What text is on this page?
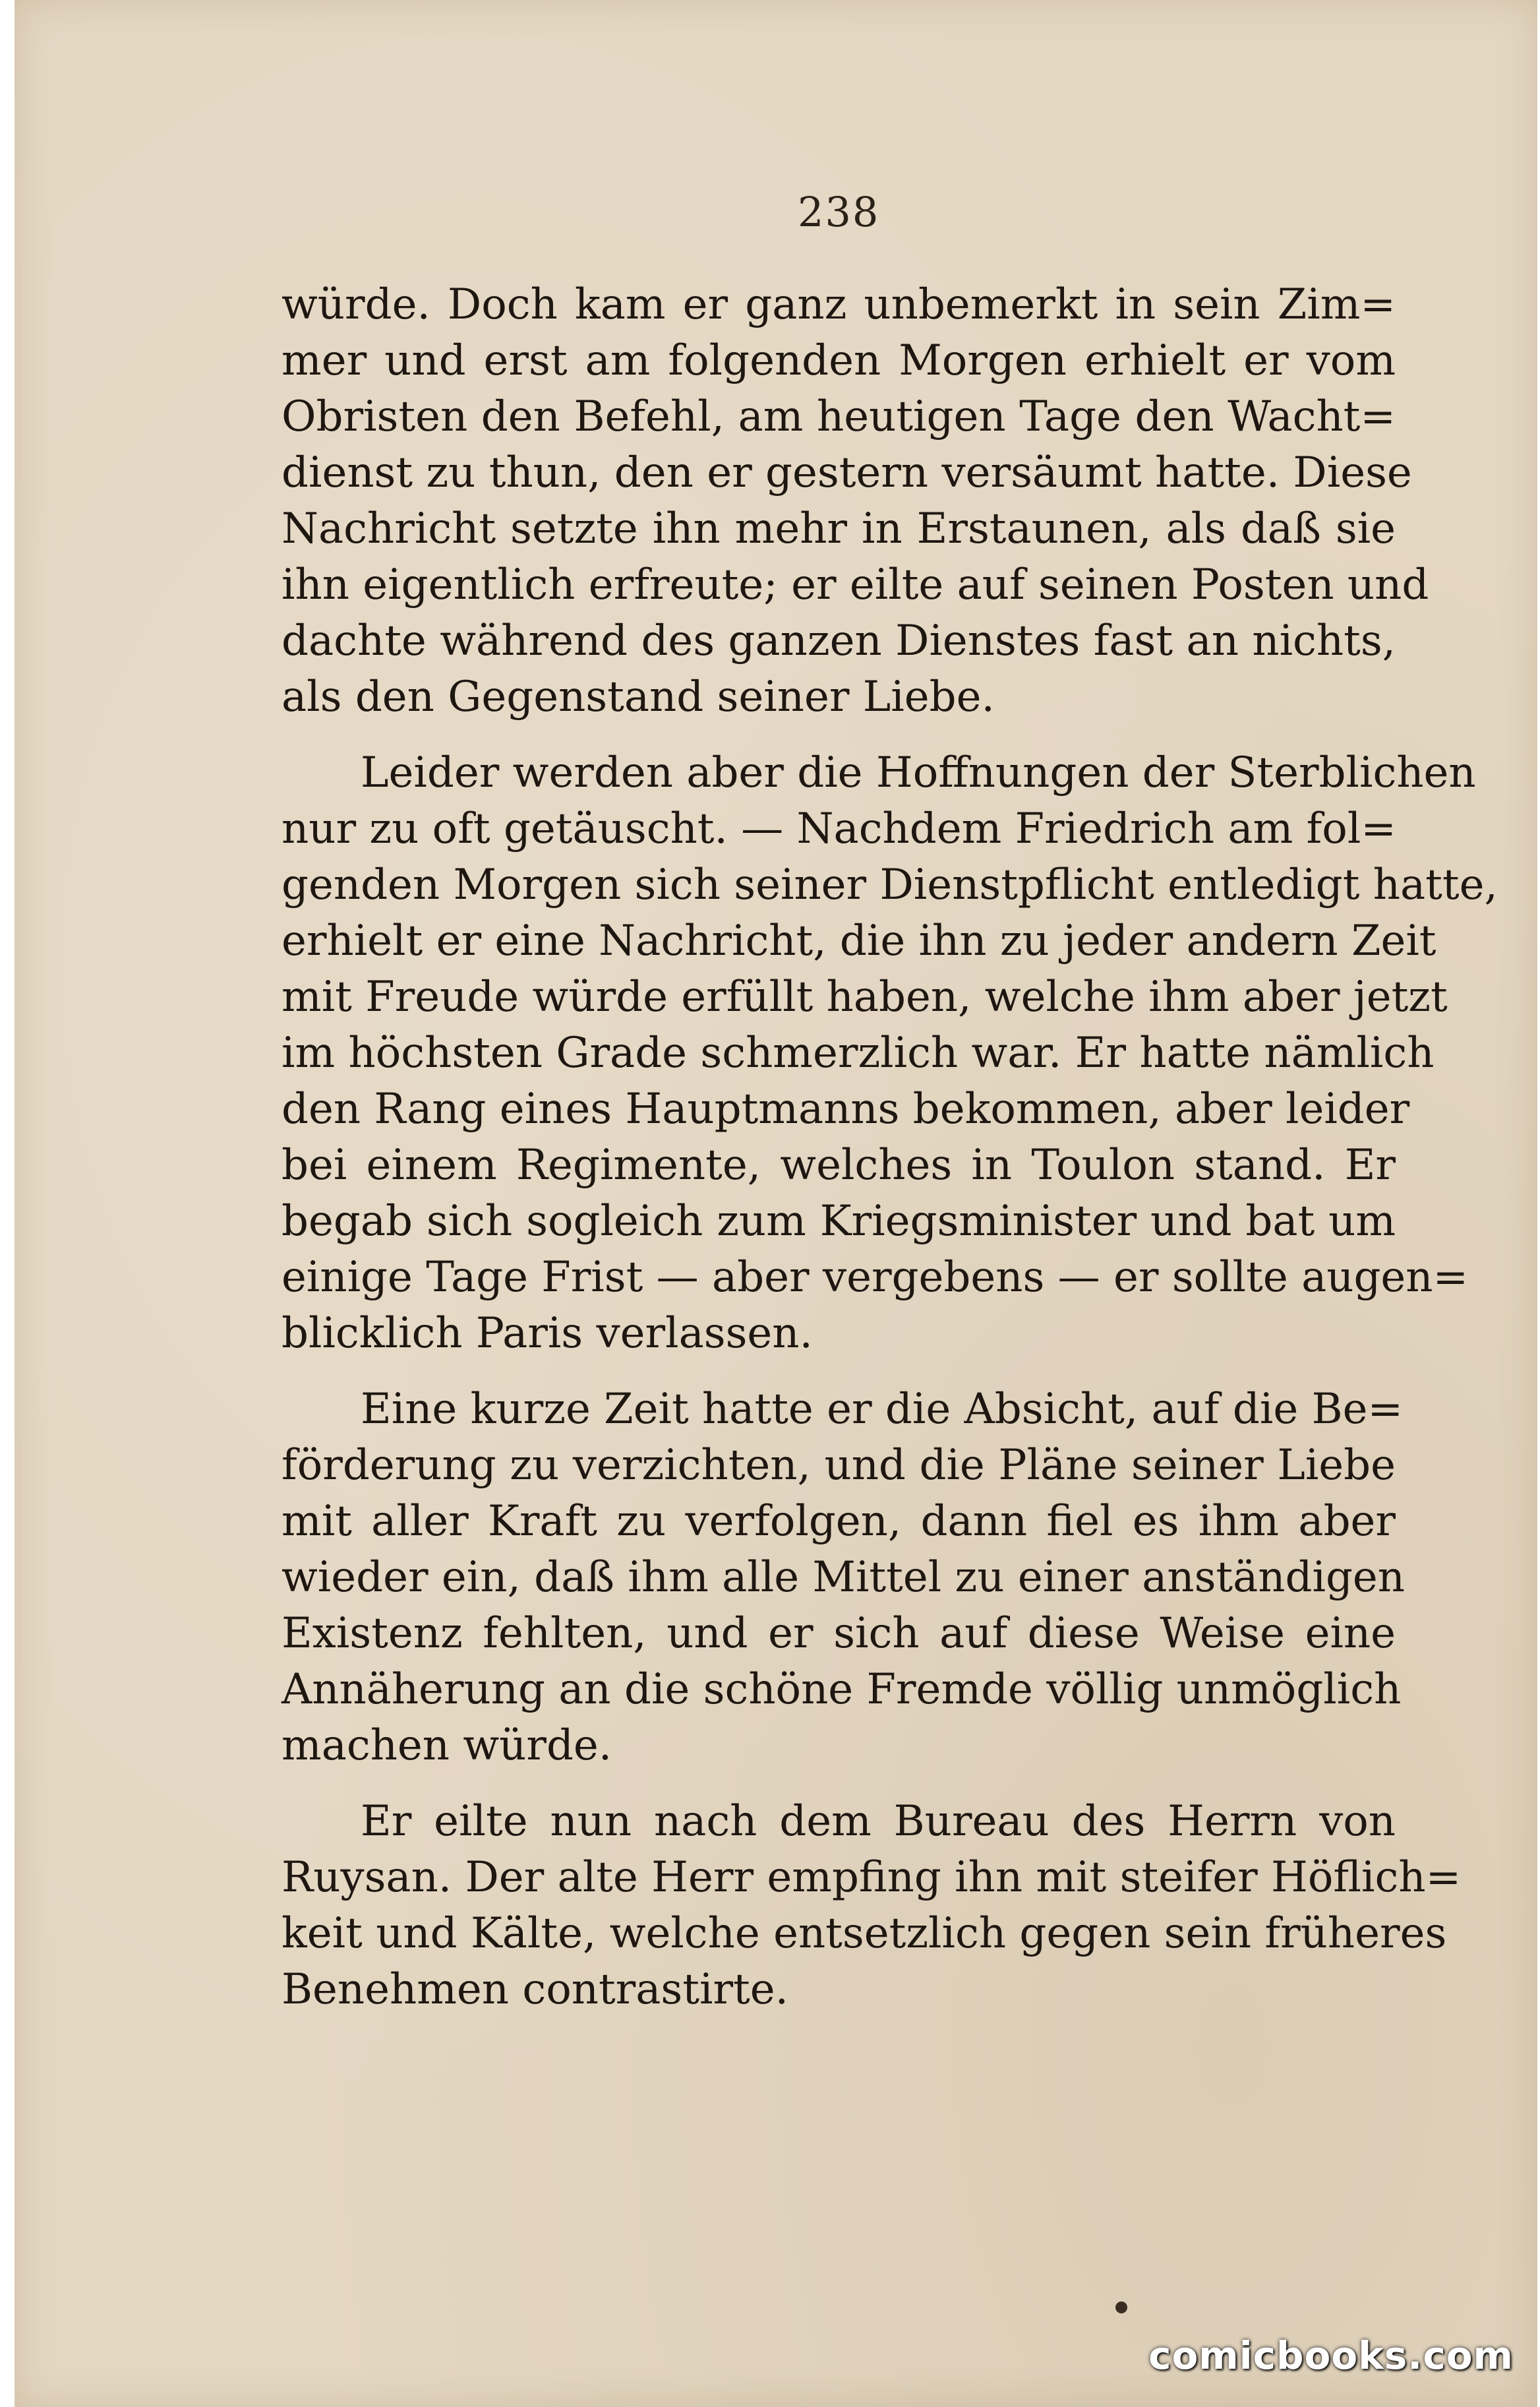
238
würde. Doch kam er ganz unbemerkt in sein Zim=
mer und erst am folgenden Morgen erhielt er vom
Obristen den Befehl, am heutigen Tage den Wacht=
dienst zu thun, den er gestern versäumt hatte. Diese
Nachricht setzte ihn mehr in Erstaunen, als daß sie
ihn eigentlich erfreute; er eilte auf seinen Posten und
dachte während des ganzen Dienstes fast an nichts,
als den Gegenstand seiner Liebe.
Leider werden aber die Hoffnungen der Sterblichen
nur zu oft getäuscht. — Nachdem Friedrich am fol=
genden Morgen sich seiner Dienstpflicht entledigt hatte,
erhielt er eine Nachricht, die ihn zu jeder andern Zeit
mit Freude würde erfüllt haben, welche ihm aber jetzt
im höchsten Grade schmerzlich war. Er hatte nämlich
den Rang eines Hauptmanns bekommen, aber leider
bei einem Regimente, welches in Toulon stand. Er
begab sich sogleich zum Kriegsminister und bat um
einige Tage Frist — aber vergebens — er sollte augen=
blicklich Paris verlassen.
Eine kurze Zeit hatte er die Absicht, auf die Be=
förderung zu verzichten, und die Pläne seiner Liebe
mit aller Kraft zu verfolgen, dann fiel es ihm aber
wieder ein, daß ihm alle Mittel zu einer anständigen
Existenz fehlten, und er sich auf diese Weise eine
Annäherung an die schöne Fremde völlig unmöglich
machen würde.
Er eilte nun nach dem Bureau des Herrn von
Ruysan. Der alte Herr empfing ihn mit steifer Höflich=
keit und Kälte, welche entsetzlich gegen sein früheres
Benehmen contrastirte.
comicbooks.com
